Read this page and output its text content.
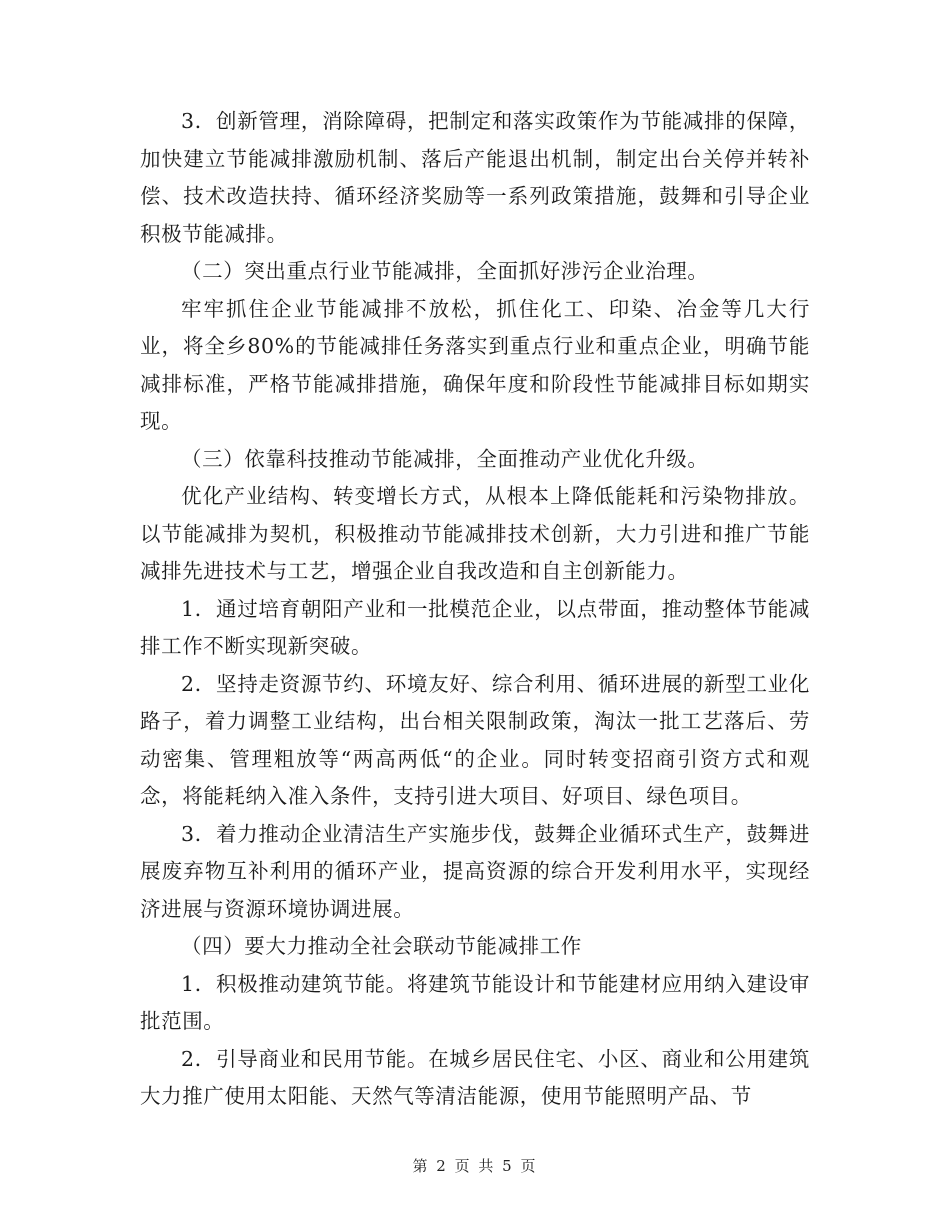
3．创新管理，消除障碍，把制定和落实政策作为节能减排的保障，加快建立节能减排激励机制、落后产能退出机制，制定出台关停并转补偿、技术改造扶持、循环经济奖励等一系列政策措施，鼓舞和引导企业积极节能减排。

（二）突出重点行业节能减排，全面抓好涉污企业治理。

牢牢抓住企业节能减排不放松，抓住化工、印染、冶金等几大行业，将全乡80%的节能减排任务落实到重点行业和重点企业，明确节能减排标准，严格节能减排措施，确保年度和阶段性节能减排目标如期实现。

（三）依靠科技推动节能减排，全面推动产业优化升级。

优化产业结构、转变增长方式，从根本上降低能耗和污染物排放。以节能减排为契机，积极推动节能减排技术创新，大力引进和推广节能减排先进技术与工艺，增强企业自我改造和自主创新能力。

1．通过培育朝阳产业和一批模范企业，以点带面，推动整体节能减排工作不断实现新突破。

2．坚持走资源节约、环境友好、综合利用、循环进展的新型工业化路子，着力调整工业结构，出台相关限制政策，淘汰一批工艺落后、劳动密集、管理粗放等“两高两低“的企业。同时转变招商引资方式和观念，将能耗纳入准入条件，支持引进大项目、好项目、绿色项目。

3．着力推动企业清洁生产实施步伐，鼓舞企业循环式生产，鼓舞进展废弃物互补利用的循环产业，提高资源的综合开发利用水平，实现经济进展与资源环境协调进展。

（四）要大力推动全社会联动节能减排工作

1．积极推动建筑节能。将建筑节能设计和节能建材应用纳入建设审批范围。

2．引导商业和民用节能。在城乡居民住宅、小区、商业和公用建筑大力推广使用太阳能、天然气等清洁能源，使用节能照明产品、节

第 2 页 共 5 页
